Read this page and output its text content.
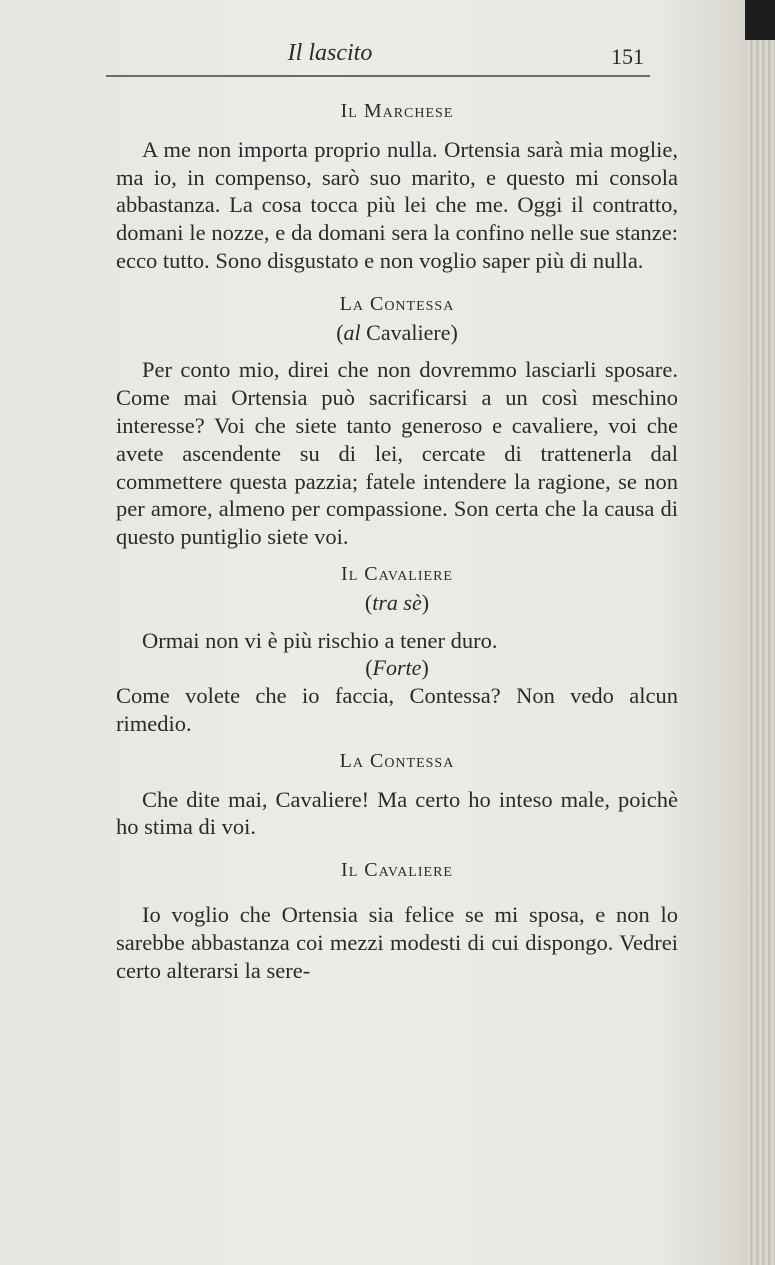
Il lascito	151

Il Marchese

A me non importa proprio nulla. Ortensia sarà mia moglie, ma io, in compenso, sarò suo marito, e questo mi consola abbastanza. La cosa tocca più lei che me. Oggi il contratto, domani le nozze, e da domani sera la confino nelle sue stanze: ecco tutto. Sono disgustato e non voglio saper più di nulla.

La Contessa

(al Cavaliere)

Per conto mio, direi che non dovremmo lasciarli sposare. Come mai Ortensia può sacrificarsi a un così meschino interesse? Voi che siete tanto generoso e cavaliere, voi che avete ascendente su di lei, cercate di trattenerla dal commettere questa pazzia; fatele intendere la ragione, se non per amore, almeno per compassione. Son certa che la causa di questo puntiglio siete voi.

Il Cavaliere

(tra sè)

Ormai non vi è più rischio a tener duro.

(Forte)

Come volete che io faccia, Contessa? Non vedo alcun rimedio.

La Contessa

Che dite mai, Cavaliere! Ma certo ho inteso male, poichè ho stima di voi.

Il Cavaliere

Io voglio che Ortensia sia felice se mi sposa, e non lo sarebbe abbastanza coi mezzi modesti di cui dispongo. Vedrei certo alterarsi la sere-
